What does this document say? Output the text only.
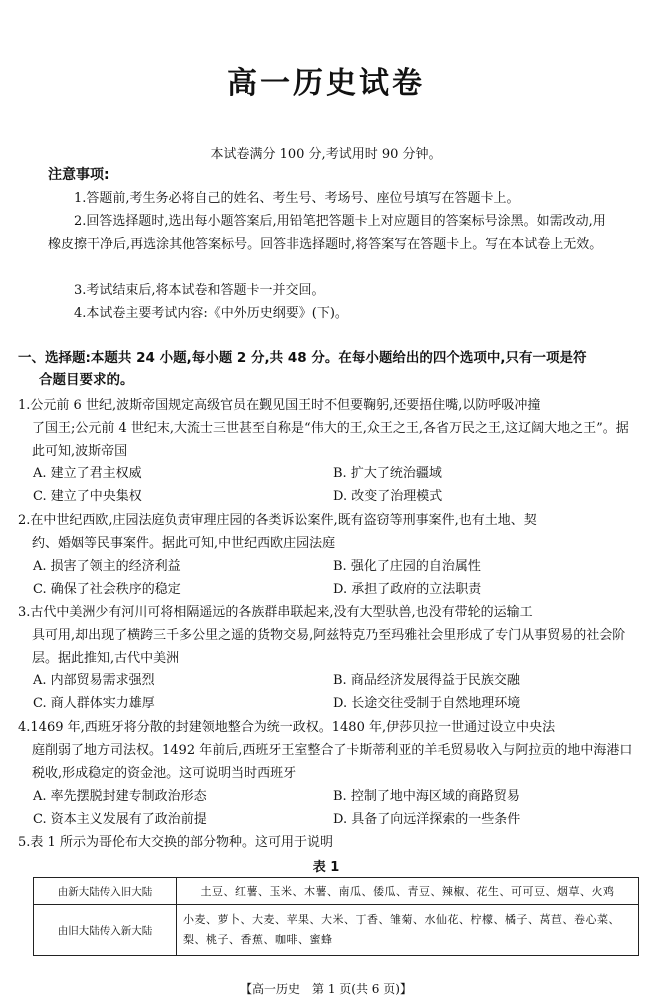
高一历史试卷
本试卷满分 100 分,考试用时 90 分钟。
注意事项:
1.答题前,考生务必将自己的姓名、考生号、考场号、座位号填写在答题卡上。
2.回答选择题时,选出每小题答案后,用铅笔把答题卡上对应题目的答案标号涂黑。如需改动,用橡皮擦干净后,再选涂其他答案标号。回答非选择题时,将答案写在答题卡上。写在本试卷上无效。
3.考试结束后,将本试卷和答题卡一并交回。
4.本试卷主要考试内容:《中外历史纲要》(下)。
一、选择题:本题共 24 小题,每小题 2 分,共 48 分。在每小题给出的四个选项中,只有一项是符
合题目要求的。
1.公元前 6 世纪,波斯帝国规定高级官员在觐见国王时不但要鞠躬,还要捂住嘴,以防呼吸冲撞
了国王;公元前 4 世纪末,大流士三世甚至自称是“伟大的王,众王之王,各省万民之王,这辽阔大地之王”。据此可知,波斯帝国
A. 建立了君主权威	B. 扩大了统治疆域
C. 建立了中央集权	D. 改变了治理模式
2.在中世纪西欧,庄园法庭负责审理庄园的各类诉讼案件,既有盗窃等刑事案件,也有土地、契
约、婚姻等民事案件。据此可知,中世纪西欧庄园法庭
A. 损害了领主的经济利益	B. 强化了庄园的自治属性
C. 确保了社会秩序的稳定	D. 承担了政府的立法职责
3.古代中美洲少有河川可将相隔遥远的各族群串联起来,没有大型驮兽,也没有带轮的运输工
具可用,却出现了横跨三千多公里之遥的货物交易,阿兹特克乃至玛雅社会里形成了专门从事贸易的社会阶层。据此推知,古代中美洲
A. 内部贸易需求强烈	B. 商品经济发展得益于民族交融
C. 商人群体实力雄厚	D. 长途交往受制于自然地理环境
4.1469 年,西班牙将分散的封建领地整合为统一政权。1480 年,伊莎贝拉一世通过设立中央法
庭削弱了地方司法权。1492 年前后,西班牙王室整合了卡斯蒂利亚的羊毛贸易收入与阿拉贡的地中海港口税收,形成稳定的资金池。这可说明当时西班牙
A. 率先摆脱封建专制政治形态	B. 控制了地中海区域的商路贸易
C. 资本主义发展有了政治前提	D. 具备了向远洋探索的一些条件
5.表 1 所示为哥伦布大交换的部分物种。这可用于说明
表 1
由新大陆传入旧大陆	土豆、红薯、玉米、木薯、南瓜、倭瓜、青豆、辣椒、花生、可可豆、烟草、火鸡
由旧大陆传入新大陆	小麦、萝卜、大麦、苹果、大米、丁香、雏菊、水仙花、柠檬、橘子、莴苣、卷心菜、梨、桃子、香蕉、咖啡、蜜蜂
【高一历史　第 1 页(共 6 页)】
